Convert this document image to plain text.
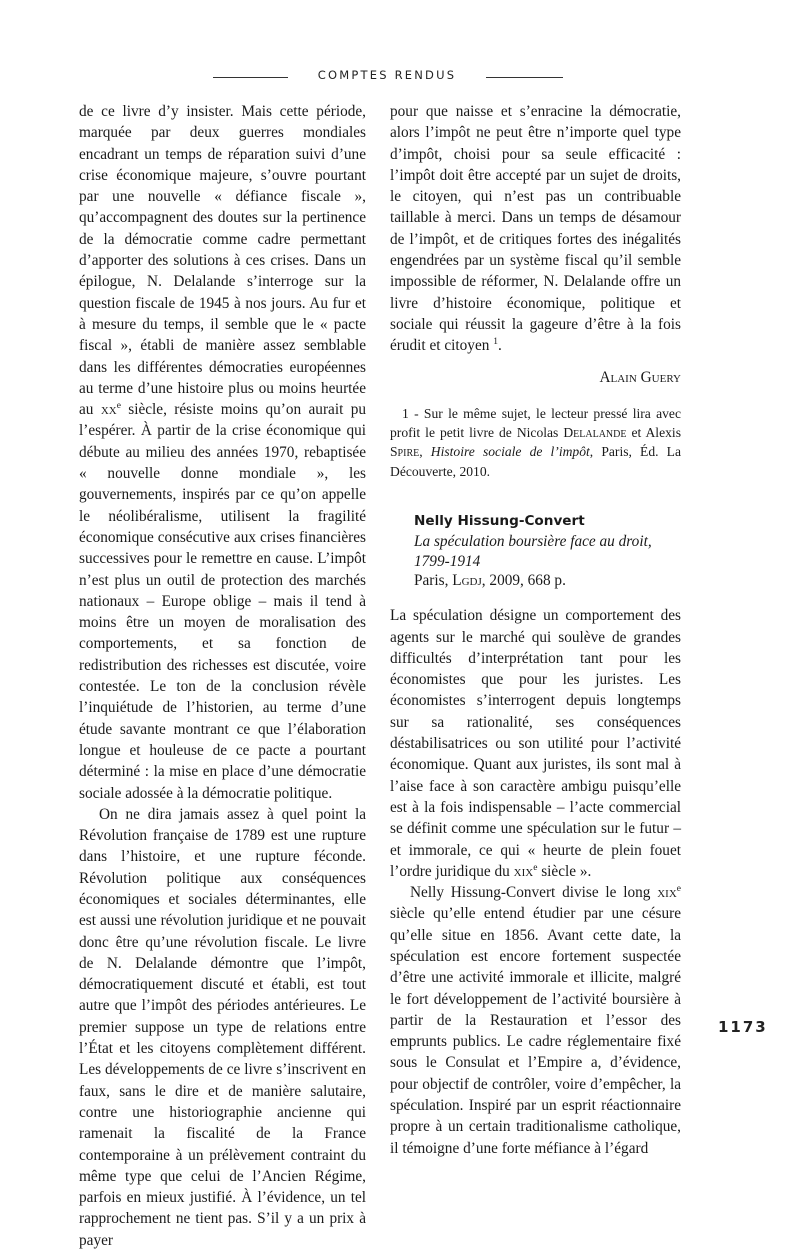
COMPTES RENDUS

de ce livre d’y insister. Mais cette période, marquée par deux guerres mondiales encadrant un temps de réparation suivi d’une crise économique majeure, s’ouvre pourtant par une nouvelle « défiance fiscale », qu’accompagnent des doutes sur la pertinence de la démocratie comme cadre permettant d’apporter des solutions à ces crises. Dans un épilogue, N. Delalande s’interroge sur la question fiscale de 1945 à nos jours. Au fur et à mesure du temps, il semble que le « pacte fiscal », établi de manière assez semblable dans les différentes démocraties européennes au terme d’une histoire plus ou moins heurtée au $xx^e$ siècle, résiste moins qu’on aurait pu l’espérer. À partir de la crise économique qui débute au milieu des années 1970, rebaptisée « nouvelle donne mondiale », les gouvernements, inspirés par ce qu’on appelle le néolibéralisme, utilisent la fragilité économique consécutive aux crises financières successives pour le remettre en cause. L’impôt n’est plus un outil de protection des marchés nationaux – Europe oblige – mais il tend à moins être un moyen de moralisation des comportements, et sa fonction de redistribution des richesses est discutée, voire contestée. Le ton de la conclusion révèle l’inquiétude de l’historien, au terme d’une étude savante montrant ce que l’élaboration longue et houleuse de ce pacte a pourtant déterminé : la mise en place d’une démocratie sociale adossée à la démocratie politique.

On ne dira jamais assez à quel point la Révolution française de 1789 est une rupture dans l’histoire, et une rupture féconde. Révolution politique aux conséquences économiques et sociales déterminantes, elle est aussi une révolution juridique et ne pouvait donc être qu’une révolution fiscale. Le livre de N. Delalande démontre que l’impôt, démocratiquement discuté et établi, est tout autre que l’impôt des périodes antérieures. Le premier suppose un type de relations entre l’État et les citoyens complètement différent. Les développements de ce livre s’inscrivent en faux, sans le dire et de manière salutaire, contre une historiographie ancienne qui ramenait la fiscalité de la France contemporaine à un prélèvement contraint du même type que celui de l’Ancien Régime, parfois en mieux justifié. À l’évidence, un tel rapprochement ne tient pas. S’il y a un prix à payer

pour que naisse et s’enracine la démocratie, alors l’impôt ne peut être n’importe quel type d’impôt, choisi pour sa seule efficacité : l’impôt doit être accepté par un sujet de droits, le citoyen, qui n’est pas un contribuable taillable à merci. Dans un temps de désamour de l’impôt, et de critiques fortes des inégalités engendrées par un système fiscal qu’il semble impossible de réformer, N. Delalande offre un livre d’histoire économique, politique et sociale qui réussit la gageure d’être à la fois érudit et citoyen $^1$.

Alain Guery

1 - Sur le même sujet, le lecteur pressé lira avec profit le petit livre de Nicolas Delalande et Alexis Spire, Histoire sociale de l’impôt, Paris, Éd. La Découverte, 2010.

Nelly Hissung-Convert
La spéculation boursière face au droit, 1799-1914
Paris, Lgdj, 2009, 668 p.

La spéculation désigne un comportement des agents sur le marché qui soulève de grandes difficultés d’interprétation tant pour les économistes que pour les juristes. Les économistes s’interrogent depuis longtemps sur sa rationalité, ses conséquences déstabilisatrices ou son utilité pour l’activité économique. Quant aux juristes, ils sont mal à l’aise face à son caractère ambigu puisqu’elle est à la fois indispensable – l’acte commercial se définit comme une spéculation sur le futur – et immorale, ce qui « heurte de plein fouet l’ordre juridique du xix$^e$ siècle ».

Nelly Hissung-Convert divise le long xix$^e$ siècle qu’elle entend étudier par une césure qu’elle situe en 1856. Avant cette date, la spéculation est encore fortement suspectée d’être une activité immorale et illicite, malgré le fort développement de l’activité boursière à partir de la Restauration et l’essor des emprunts publics. Le cadre réglementaire fixé sous le Consulat et l’Empire a, d’évidence, pour objectif de contrôler, voire d’empêcher, la spéculation. Inspiré par un esprit réactionnaire propre à un certain traditionalisme catholique, il témoigne d’une forte méfiance à l’égard

1173
